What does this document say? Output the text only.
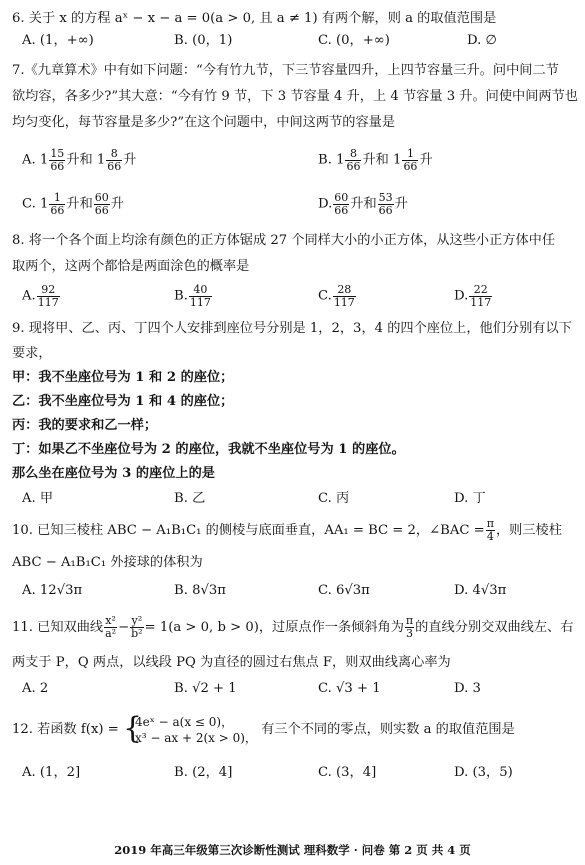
6. 关于 x 的方程 aˣ − x − a = 0(a > 0, 且 a ≠ 1) 有两个解，则 a 的取值范围是
A. (1，+∞)	B. (0，1)	C. (0，+∞)	D. ∅
7.《九章算术》中有如下问题：“今有竹九节，下三节容量四升，上四节容量三升。问中间二节
欲均容，各多少?”其大意：“今有竹 9 节，下 3 节容量 4 升，上 4 节容量 3 升。问使中间两节也
均匀变化，每节容量是多少?”在这个问题中，中间这两节的容量是
A. $1 \frac{15}{66}$ 升和 $1 \frac{8}{66}$ 升	B. $1 \frac{8}{66}$ 升和 $1 \frac{1}{66}$ 升
C. $1 \frac{1}{66}$ 升和 $\frac{60}{66}$ 升	D. $\frac{60}{66}$ 升和 $\frac{53}{66}$ 升
8. 将一个各个面上均涂有颜色的正方体锯成 27 个同样大小的小正方体，从这些小正方体中任
取两个，这两个都恰是两面涂色的概率是
A. $\frac{92}{117}$	B. $\frac{40}{117}$	C. $\frac{28}{117}$	D. $\frac{22}{117}$
9. 现将甲、乙、丙、丁四个人安排到座位号分别是 1，2，3，4 的四个座位上，他们分别有以下
要求，
甲：我不坐座位号为 1 和 2 的座位；
乙：我不坐座位号为 1 和 4 的座位；
丙：我的要求和乙一样；
丁：如果乙不坐座位号为 2 的座位，我就不坐座位号为 1 的座位。
那么坐在座位号为 3 的座位上的是
A. 甲	B. 乙	C. 丙	D. 丁
10. 已知三棱柱 ABC − A₁B₁C₁ 的侧棱与底面垂直，AA₁ = BC = 2，∠BAC = $\frac{\pi}{4}$ ，则三棱柱
ABC − A₁B₁C₁ 外接球的体积为
A. 12√3π	B. 8√3π	C. 6√3π	D. 4√3π
11. 已知双曲线 $\frac{\text{x²}}{\text{a²}} - \frac{\text{y²}}{\text{b²}} = 1(a > 0$, b > 0)，过原点作一条倾斜角为 $\frac{\pi}{3}$ 的直线分别交双曲线左、右
两支于 P，Q 两点，以线段 PQ 为直径的圆过右焦点 F，则双曲线离心率为
A. 2	B. √2 + 1	C. √3 + 1	D. 3
12. 若函数 f(x) = {
4eˣ − a(x ≤ 0)，
x³ − ax + 2(x > 0)，
有三个不同的零点，则实数 a 的取值范围是
A. (1，2]	B. (2，4]	C. (3，4]	D. (3，5)
2019 年高三年级第三次诊断性测试 理科数学 · 问卷 第 2 页 共 4 页
